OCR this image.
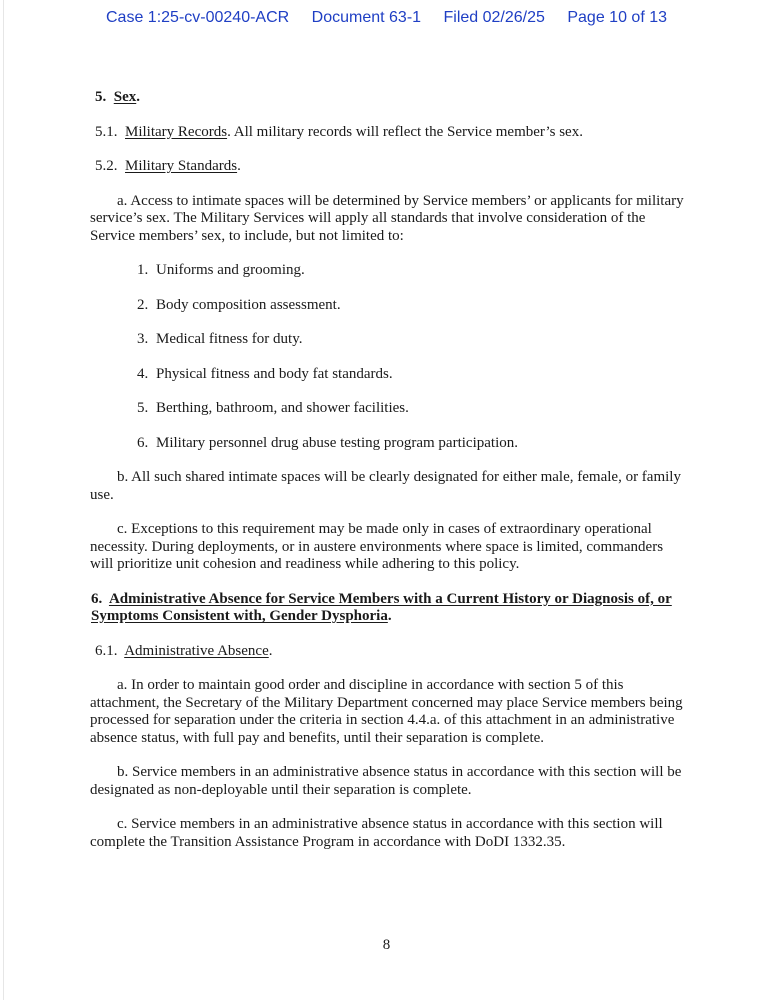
Case 1:25-cv-00240-ACR Document 63-1 Filed 02/26/25 Page 10 of 13

5. Sex.

5.1. Military Records. All military records will reflect the Service member’s sex.

5.2. Military Standards.

a. Access to intimate spaces will be determined by Service members’ or applicants for military service’s sex. The Military Services will apply all standards that involve consideration of the Service members’ sex, to include, but not limited to:

1. Uniforms and grooming.

2. Body composition assessment.

3. Medical fitness for duty.

4. Physical fitness and body fat standards.

5. Berthing, bathroom, and shower facilities.

6. Military personnel drug abuse testing program participation.

b. All such shared intimate spaces will be clearly designated for either male, female, or family use.

c. Exceptions to this requirement may be made only in cases of extraordinary operational necessity. During deployments, or in austere environments where space is limited, commanders will prioritize unit cohesion and readiness while adhering to this policy.

6. Administrative Absence for Service Members with a Current History or Diagnosis of, or Symptoms Consistent with, Gender Dysphoria.

6.1. Administrative Absence.

a. In order to maintain good order and discipline in accordance with section 5 of this attachment, the Secretary of the Military Department concerned may place Service members being processed for separation under the criteria in section 4.4.a. of this attachment in an administrative absence status, with full pay and benefits, until their separation is complete.

b. Service members in an administrative absence status in accordance with this section will be designated as non-deployable until their separation is complete.

c. Service members in an administrative absence status in accordance with this section will complete the Transition Assistance Program in accordance with DoDI 1332.35.

8
